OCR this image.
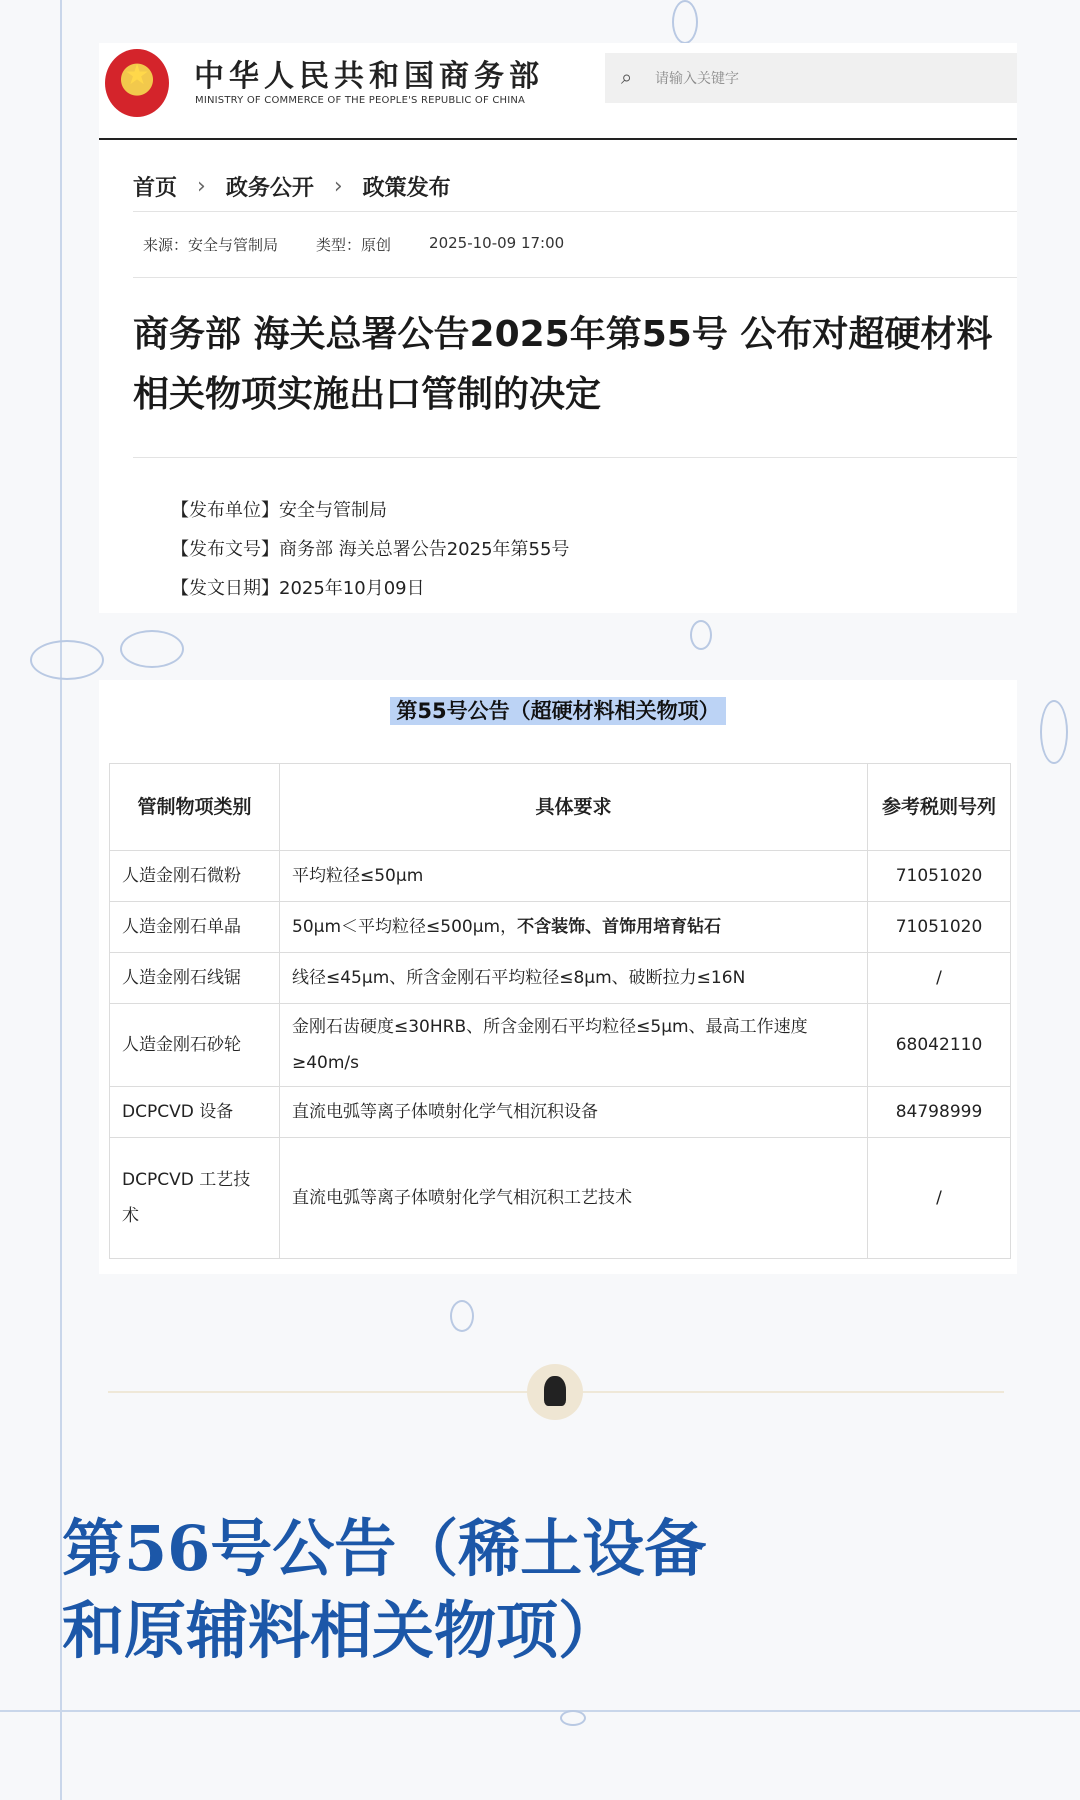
★
中华人民共和国商务部
MINISTRY OF COMMERCE OF THE PEOPLE'S REPUBLIC OF CHINA
⌕
请输入关键字
首页 › 政务公开 › 政策发布
来源：安全与管制局	类型：原创	2025-10-09 17:00
商务部 海关总署公告2025年第55号 公布对超硬材料相关物项实施出口管制的决定
【发布单位】安全与管制局
【发布文号】商务部 海关总署公告2025年第55号
【发文日期】2025年10月09日
第55号公告（超硬材料相关物项）
管制物项类别	具体要求	参考税则号列
人造金刚石微粉	平均粒径≤50μm	71051020
人造金刚石单晶	50μm＜平均粒径≤500μm，不含装饰、首饰用培育钻石	71051020
人造金刚石线锯	线径≤45μm、所含金刚石平均粒径≤8μm、破断拉力≤16N	/
人造金刚石砂轮	金刚石齿硬度≤30HRB、所含金刚石平均粒径≤5μm、最高工作速度≥40m/s	68042110
DCPCVD 设备	直流电弧等离子体喷射化学气相沉积设备	84798999
DCPCVD 工艺技术	直流电弧等离子体喷射化学气相沉积工艺技术	/
第56号公告（稀土设备
和原辅料相关物项）
